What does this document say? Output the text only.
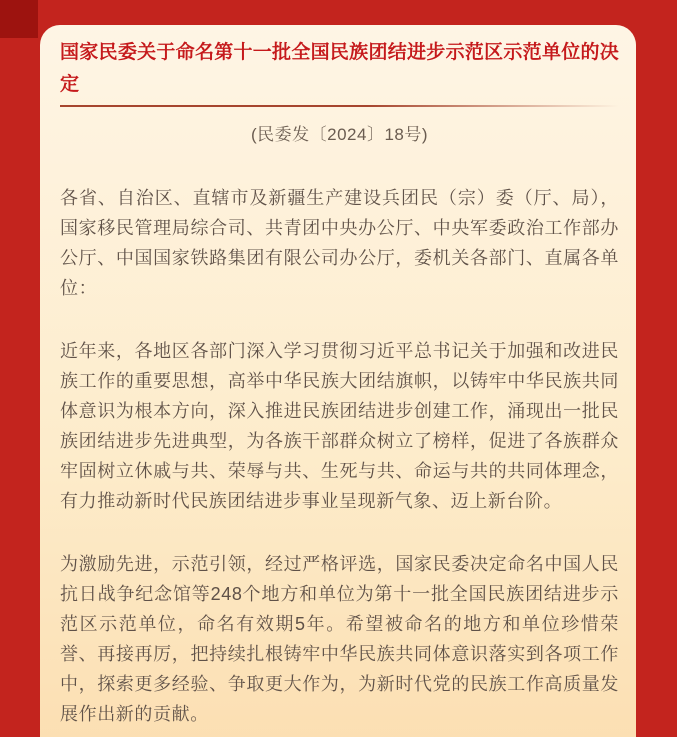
国家民委关于命名第十一批全国民族团结进步示范区示范单位的决定
(民委发〔2024〕18号)

各省、自治区、直辖市及新疆生产建设兵团民（宗）委（厅、局），国家移民管理局综合司、共青团中央办公厅、中央军委政治工作部办公厅、中国国家铁路集团有限公司办公厅，委机关各部门、直属各单位：

近年来，各地区各部门深入学习贯彻习近平总书记关于加强和改进民族工作的重要思想，高举中华民族大团结旗帜，以铸牢中华民族共同体意识为根本方向，深入推进民族团结进步创建工作，涌现出一批民族团结进步先进典型，为各族干部群众树立了榜样，促进了各族群众牢固树立休戚与共、荣辱与共、生死与共、命运与共的共同体理念，有力推动新时代民族团结进步事业呈现新气象、迈上新台阶。

为激励先进，示范引领，经过严格评选，国家民委决定命名中国人民抗日战争纪念馆等248个地方和单位为第十一批全国民族团结进步示范区示范单位，命名有效期5年。希望被命名的地方和单位珍惜荣誉、再接再厉，把持续扎根铸牢中华民族共同体意识落实到各项工作中，探索更多经验、争取更大作为，为新时代党的民族工作高质量发展作出新的贡献。
